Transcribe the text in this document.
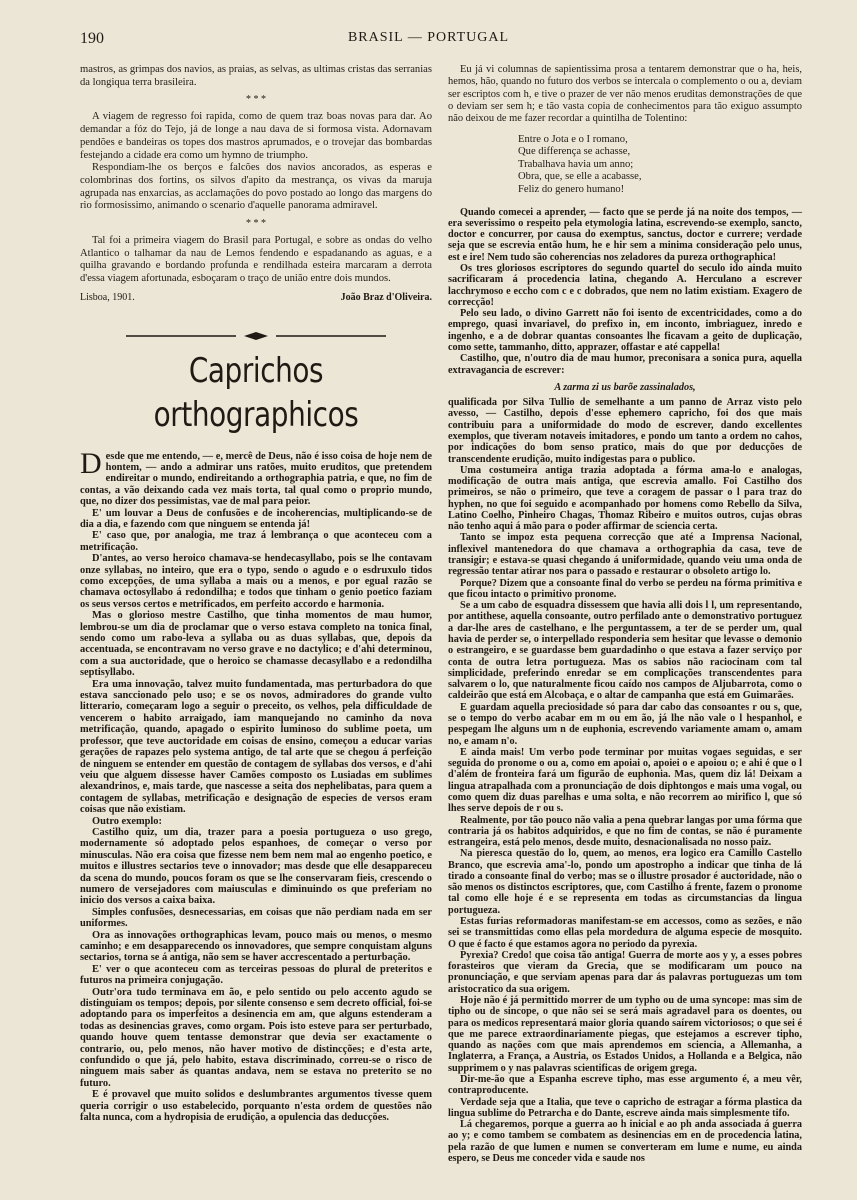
190	BRASIL — PORTUGAL

mastros, as grimpas dos navios, as praias, as selvas, as ultimas cristas das serranias da longiqua terra brasileira.

* * *

A viagem de regresso foi rapida, como de quem traz boas novas para dar. Ao demandar a fóz do Tejo, já de longe a nau dava de si formosa vista. Adornavam pendões e bandeiras os topes dos mastros aprumados, e o trovejar das bombardas festejando a cidade era como um hymno de triumpho.

Respondiam-lhe os berços e falcões dos navios ancorados, as esperas e colombrinas dos fortins, os silvos d'apito da mestrança, os vivas da maruja agrupada nas enxarcias, as acclamações do povo postado ao longo das margens do rio formosissimo, animando o scenario d'aquelle panorama admiravel.

* * *

Tal foi a primeira viagem do Brasil para Portugal, e sobre as ondas do velho Atlantico o talhamar da nau de Lemos fendendo e espadanando as aguas, e a quilha gravando e bordando profunda e rendilhada esteira marcaram a derrota d'essa viagem afortunada, esboçaram o traço de união entre dois mundos.

Lisboa, 1901.	João Braz d'Oliveira.
Caprichos orthographicos
D esde que me entendo, — e, mercê de Deus, não é isso coisa de hoje nem de hontem, — ando a admirar uns ratões, muito eruditos, que pretendem endireitar o mundo, endireitando a orthographia patria, e que, no fim de contas, a vão deixando cada vez mais torta, tal qual como o proprio mundo, que, no dizer dos pessimistas, vae de mal para peior.

E' um louvar a Deus de confusões e de incoherencias, multiplicando-se de dia a dia, e fazendo com que ninguem se entenda já!

E' caso que, por analogia, me traz á lembrança o que aconteceu com a metrificação.

D'antes, ao verso heroico chamava-se hendecasyllabo, pois se lhe contavam onze syllabas, no inteiro, que era o typo, sendo o agudo e o esdruxulo tidos como excepções, de uma syllaba a mais ou a menos, e por egual razão se chamava octosyllabo á redondilha; e todos que tinham o genio poetico faziam os seus versos certos e metrificados, em perfeito accordo e harmonia.

Mas o glorioso mestre Castilho, que tinha momentos de mau humor, lembrou-se um dia de proclamar que o verso estava completo na tonica final, sendo como um rabo-leva a syllaba ou as duas syllabas, que, depois da accentuada, se encontravam no verso grave e no dactylico; e d'ahi determinou, com a sua auctoridade, que o heroico se chamasse decasyllabo e a redondilha septisyllabo.

Era uma innovação, talvez muito fundamentada, mas perturbadora do que estava sanccionado pelo uso; e se os novos, admiradores do grande vulto litterario, começaram logo a seguir o preceito, os velhos, pela difficuldade de vencerem o habito arraigado, iam manquejando no caminho da nova metrificação, quando, apagado o espirito luminoso do sublime poeta, um professor, que teve auctoridade em coisas de ensino, começou a educar varias gerações de rapazes pelo systema antigo, de tal arte que se chegou á perfeição de ninguem se entender em questão de contagem de syllabas dos versos, e d'ahi veiu que alguem dissesse haver Camões composto os Lusiadas em sublimes alexandrinos, e, mais tarde, que nascesse a seita dos nephelibatas, para quem a contagem de syllabas, metrificação e designação de especies de versos eram coisas que não existiam.

Outro exemplo:

Castilho quiz, um dia, trazer para a poesia portugueza o uso grego, modernamente só adoptado pelos espanhoes, de começar o verso por minusculas. Não era coisa que fizesse nem bem nem mal ao engenho poetico, e muitos e illustres sectarios teve o innovador; mas desde que elle desappareceu da scena do mundo, poucos foram os que se lhe conservaram fieis, crescendo o numero de versejadores com maiusculas e diminuindo os que preferiam no inicio dos versos a caixa baixa.

Simples confusões, desnecessarias, em coisas que não perdiam nada em ser uniformes.

Ora as innovações orthographicas levam, pouco mais ou menos, o mesmo caminho; e em desapparecendo os innovadores, que sempre conquistam alguns sectarios, torna se á antiga, não sem se haver accrescentado a perturbação.

E' ver o que aconteceu com as terceiras pessoas do plural de preteritos e futuros na primeira conjugação.

Outr'ora tudo terminava em ão, e pelo sentido ou pelo accento agudo se distinguiam os tempos; depois, por silente consenso e sem decreto official, foi-se adoptando para os imperfeitos a desinencia em am, que alguns estenderam a todas as desinencias graves, como orgam. Pois isto esteve para ser perturbado, quando houve quem tentasse demonstrar que devia ser exactamente o contrario, ou, pelo menos, não haver motivo de distincções; e d'esta arte, confundido o que já, pelo habito, estava discriminado, correu-se o risco de ninguem mais saber ás quantas andava, nem se estava no preterito se no futuro.

E é provavel que muito solidos e deslumbrantes argumentos tivesse quem queria corrigir o uso estabelecido, porquanto n'esta ordem de questões não falta nunca, com a hydropisia de erudição, a opulencia das deducções.

Eu já vi columnas de sapientissima prosa a tentarem demonstrar que o ha, heis, hemos, hão, quando no futuro dos verbos se intercala o complemento o ou a, deviam ser escriptos com h, e tive o prazer de ver não menos eruditas demonstrações de que o deviam ser sem h; e tão vasta copia de conhecimentos para tão exiguo assumpto não deixou de me fazer recordar a quintilha de Tolentino:

Entre o Jota e o I romano,
Que differença se achasse,
Trabalhava havia um anno;
Obra, que, se elle a acabasse,
Feliz do genero humano!

Quando comecei a aprender, — facto que se perde já na noite dos tempos, — era severissimo o respeito pela etymologia latina, escrevendo-se exemplo, sancto, doctor e concurrer, por causa do exemptus, sanctus, doctor e currere; verdade seja que se escrevia então hum, he e hir sem a minima consideração pelo unus, est e ire! Nem tudo são coherencias nos zeladores da pureza orthographica!

Os tres gloriosos escriptores do segundo quartel do seculo ido ainda muito sacrificaram á procedencia latina, chegando A. Herculano a escrever lacchrymoso e eccho com c e c dobrados, que nem no latim existiam. Exagero de correcção!

Pelo seu lado, o divino Garrett não foi isento de excentricidades, como a do emprego, quasi invariavel, do prefixo in, em inconto, imbriaguez, inredo e ingenho, e a de dobrar quantas consoantes lhe ficavam a geito de duplicação, como sette, tammanho, ditto, apprazer, offastar e até cappella!

Castilho, que, n'outro dia de mau humor, preconisara a sonica pura, aquella extravagancia de escrever:

A zarma zi us barõe zassinalados,

qualificada por Silva Tullio de semelhante a um panno de Arraz visto pelo avesso, — Castilho, depois d'esse ephemero capricho, foi dos que mais contribuiu para a uniformidade do modo de escrever, dando excellentes exemplos, que tiveram notaveis imitadores, e pondo um tanto a ordem no cahos, por indicações do bom senso pratico, mais do que por deducções de transcendente erudição, muito indigestas para o publico.

Uma costumeira antiga trazia adoptada a fórma ama-lo e analogas, modificação de outra mais antiga, que escrevia amallo. Foi Castilho dos primeiros, se não o primeiro, que teve a coragem de passar o l para traz do hyphen, no que foi seguido e acompanhado por homens como Rebello da Silva, Latino Coelho, Pinheiro Chagas, Thomaz Ribeiro e muitos outros, cujas obras não tenho aqui á mão para o poder affirmar de sciencia certa.

Tanto se impoz esta pequena correcção que até a Imprensa Nacional, inflexivel mantenedora do que chamava a orthographia da casa, teve de transigir; e estava-se quasi chegando á uniformidade, quando veiu uma onda de regressão tentar atirar nos para o passado e restaurar o obsoleto artigo lo.

Porque? Dizem que a consoante final do verbo se perdeu na fórma primitiva e que ficou intacto o primitivo pronome.

Se a um cabo de esquadra dissessem que havia alli dois l l, um representando, por antithese, aquella consoante, outro perfilado ante o demonstrativo portuguez a dar-lhe ares de castelhano, e lhe perguntassem, a ter de se perder um, qual havia de perder se, o interpellado responderia sem hesitar que levasse o demonio o estrangeiro, e se guardasse bem guardadinho o que estava a fazer serviço por conta de outra letra portugueza. Mas os sabios não raciocinam com tal simplicidade, preferindo enredar se em complicações transcendentes para salvarem o lo, que naturalmente ficou caído nos campos de Aljubarrota, como o caldeirão que está em Alcobaça, e o altar de campanha que está em Guimarães.

E guardam aquella preciosidade só para dar cabo das consoantes r ou s, que, se o tempo do verbo acabar em m ou em ão, já lhe não vale o l hespanhol, e pespegam lhe alguns um n de euphonia, escrevendo variamente amam o, amam no, e amam n'o.

E ainda mais! Um verbo pode terminar por muitas vogaes seguidas, e ser seguida do pronome o ou a, como em apoiai o, apoiei o e apoiou o; e ahi é que o l d'além de fronteira fará um figurão de euphonia. Mas, quem diz lá! Deixam a lingua atrapalhada com a pronunciação de dois diphtongos e mais uma vogal, ou como quem diz duas parelhas e uma solta, e não recorrem ao mirifico l, que só lhes serve depois de r ou s.

Realmente, por tão pouco não valia a pena quebrar langas por uma fórma que contraria já os habitos adquiridos, e que no fim de contas, se não é puramente estrangeira, está pelo menos, desde muito, desnacionalisada no nosso paiz.

Na pieresca questão do lo, quem, ao menos, era logico era Camillo Castello Branco, que escrevia ama'-lo, pondo um apostropho a indicar que tinha de lá tirado a consoante final do verbo; mas se o illustre prosador é auctoridade, não o são menos os distinctos escriptores, que, com Castilho á frente, fazem o pronome tal como elle hoje é e se representa em todas as circumstancias da lingua portugueza.

Estas furias reformadoras manifestam-se em accessos, como as sezões, e não sei se transmittidas como ellas pela mordedura de alguma especie de mosquito. O que é facto é que estamos agora no periodo da pyrexia.

Pyrexia? Credo! que coisa tão antiga! Guerra de morte aos y y, a esses pobres forasteiros que vieram da Grecia, que se modificaram um pouco na pronunciação, e que serviam apenas para dar ás palavras portuguezas um tom aristocratico da sua origem.

Hoje não é já permittido morrer de um typho ou de uma syncope: mas sim de tipho ou de sincope, o que não sei se será mais agradavel para os doentes, ou para os medicos representará maior gloria quando saírem victoriosos; o que sei é que me parece extraordinariamente piegas, que estejamos a escrever tipho, quando as nações com que mais aprendemos em sciencia, a Allemanha, a Inglaterra, a França, a Austria, os Estados Unidos, a Hollanda e a Belgica, não supprimem o y nas palavras scientificas de origem grega.

Dir-me-ão que a Espanha escreve tipho, mas esse argumento é, a meu vêr, contraproducente.

Verdade seja que a Italia, que teve o capricho de estragar a fórma plastica da lingua sublime do Petrarcha e do Dante, escreve ainda mais simplesmente tifo.

Lá chegaremos, porque a guerra ao h inicial e ao ph anda associada á guerra ao y; e como tambem se combatem as desinencias em en de procedencia latina, pela razão de que lumen e numen se converteram em lume e nume, eu ainda espero, se Deus me conceder vida e saude nos
